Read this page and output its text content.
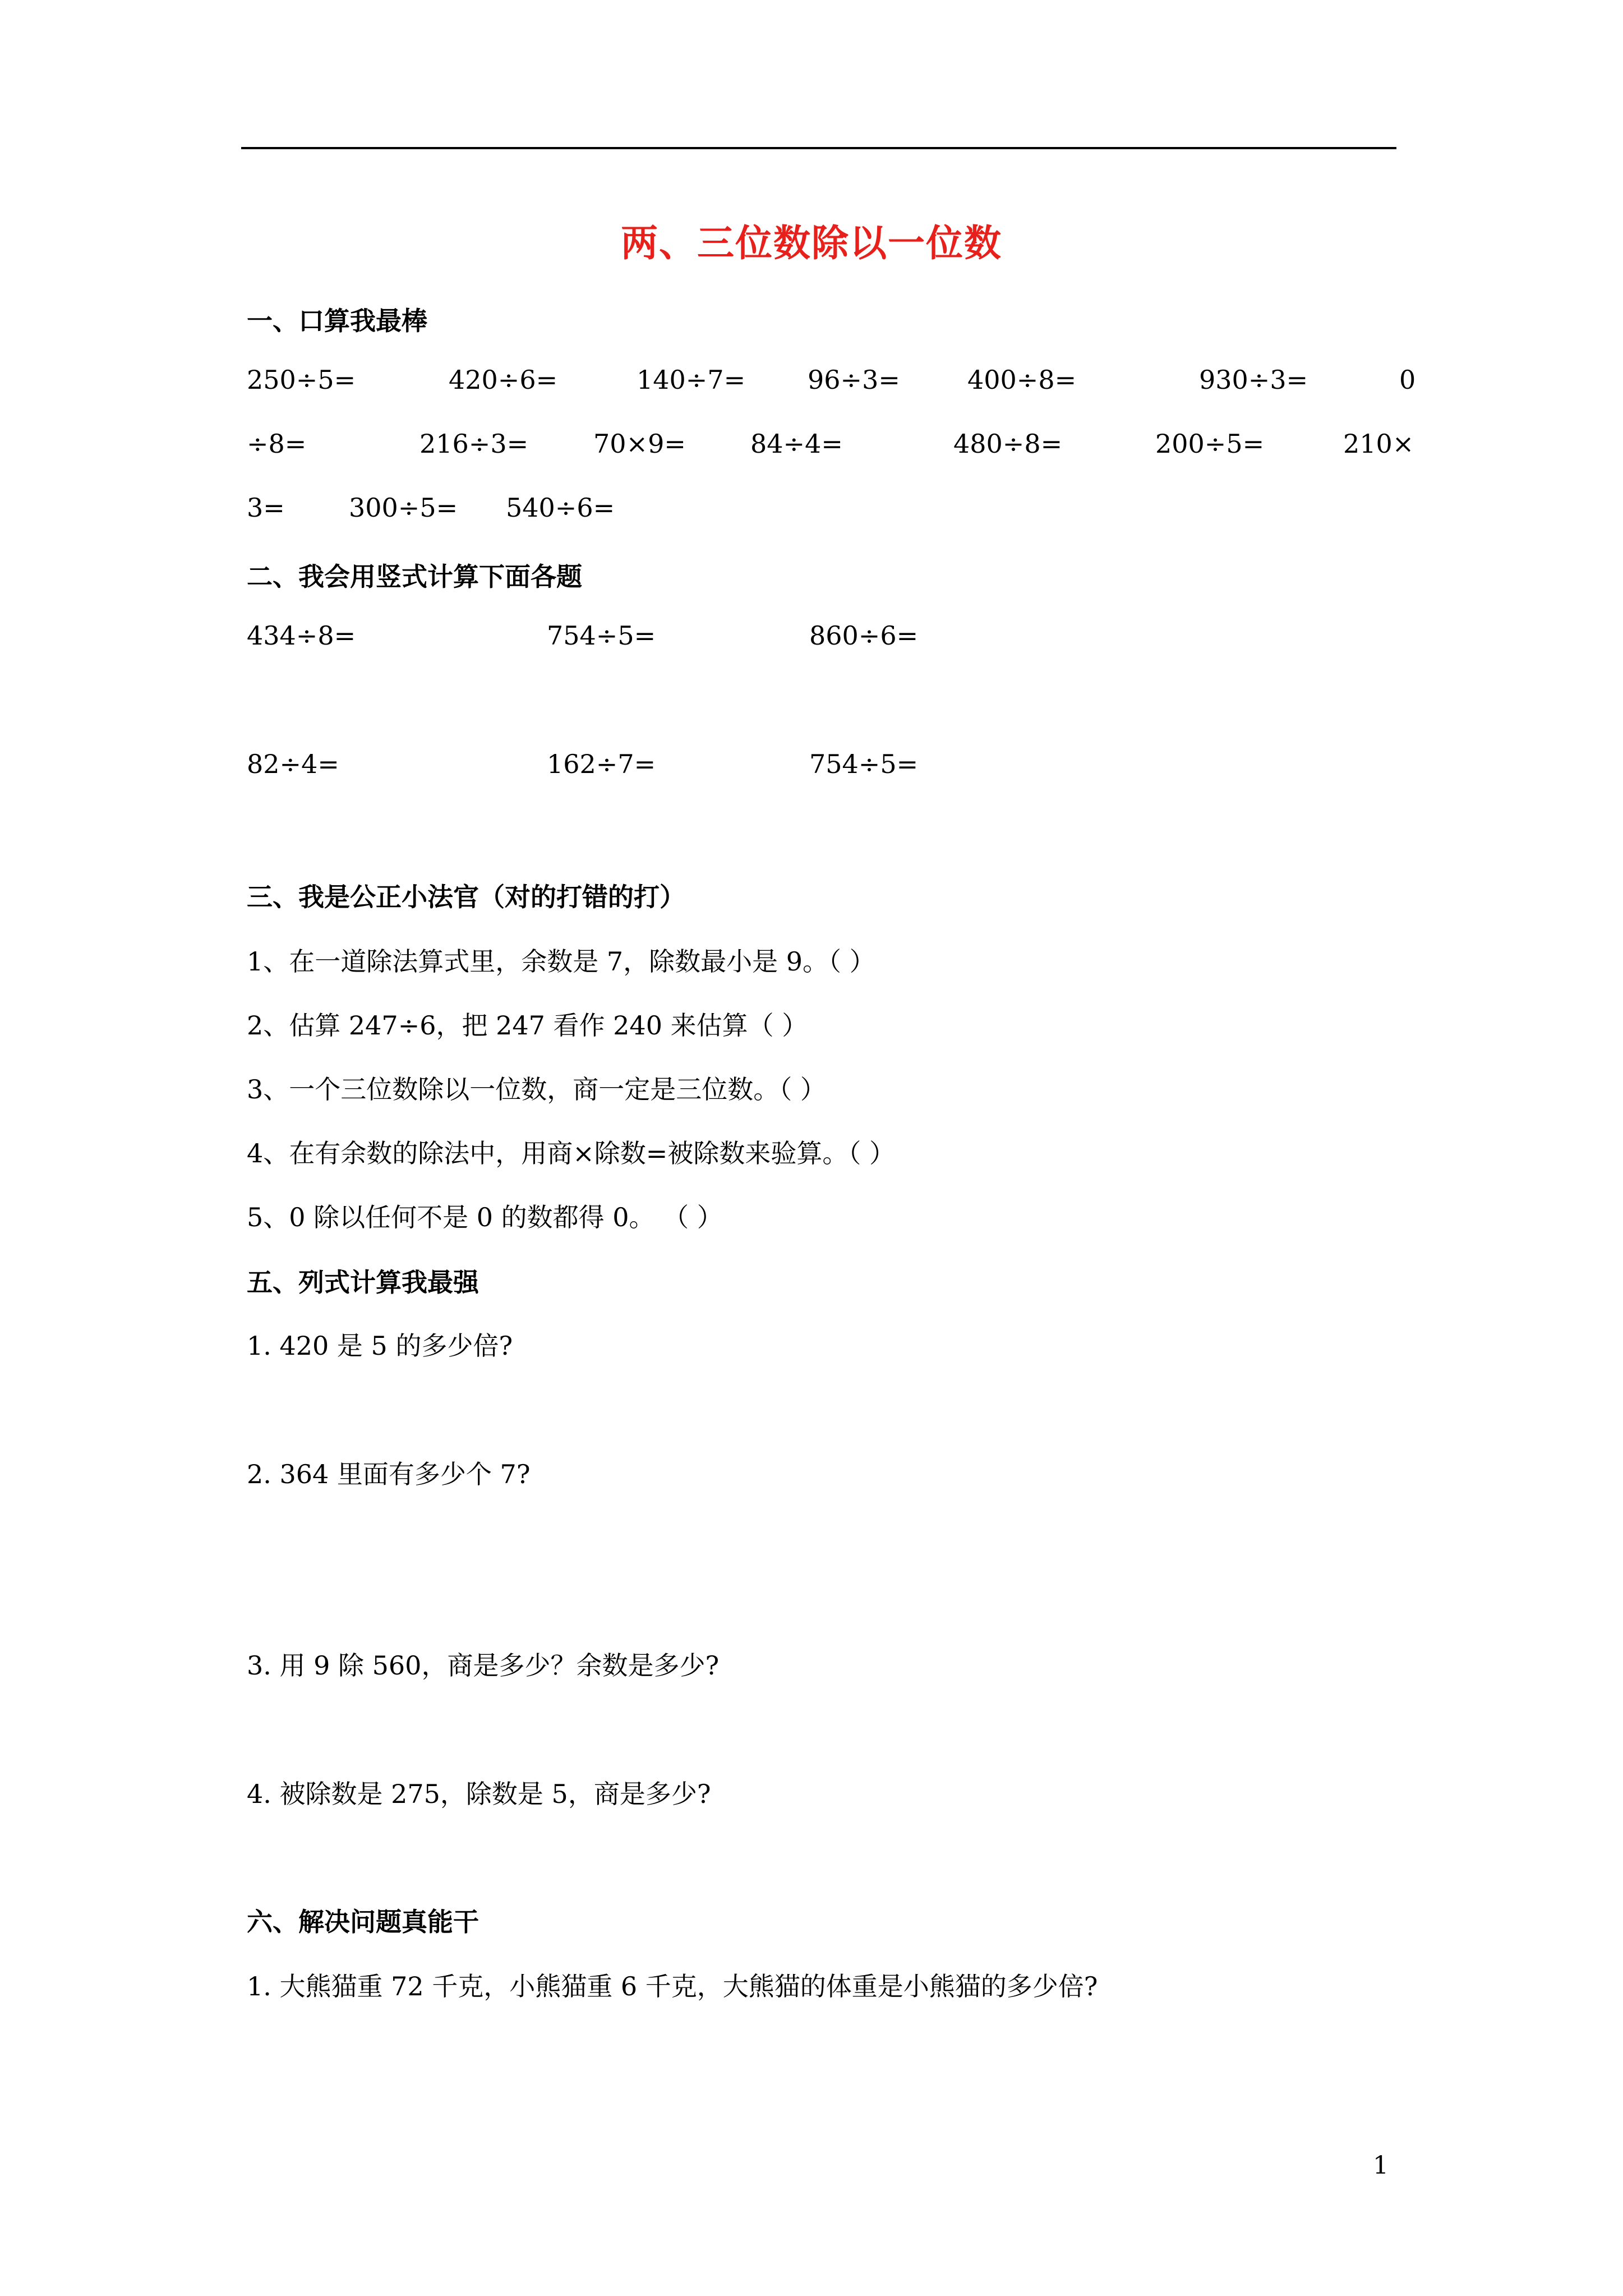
两、三位数除以一位数
一、口算我最棒
250÷5=	420÷6=	140÷7= 96÷3=	400÷8=	930÷3=	0
÷8=	216÷3=	70×9=	84÷4=	480÷8=	200÷5=	210×
3= 300÷5= 540÷6=
二、我会用竖式计算下面各题
434÷8=	754÷5=	860÷6=
82÷4=	162÷7=	754÷5=
三、我是公正小法官（对的打错的打）
1、在一道除法算式里，余数是 7，除数最小是 9。（ ）
2、估算 247÷6，把 247 看作 240 来估算（ ）
3、一个三位数除以一位数，商一定是三位数。（ ）
4、在有余数的除法中，用商×除数=被除数来验算。（ ）
5、0 除以任何不是 0 的数都得 0。 （ ）
五、列式计算我最强
1. 420 是 5 的多少倍?
2. 364 里面有多少个 7?
3. 用 9 除 560，商是多少？余数是多少?
4. 被除数是 275，除数是 5，商是多少?
六、解决问题真能干
1. 大熊猫重 72 千克，小熊猫重 6 千克，大熊猫的体重是小熊猫的多少倍?
1
